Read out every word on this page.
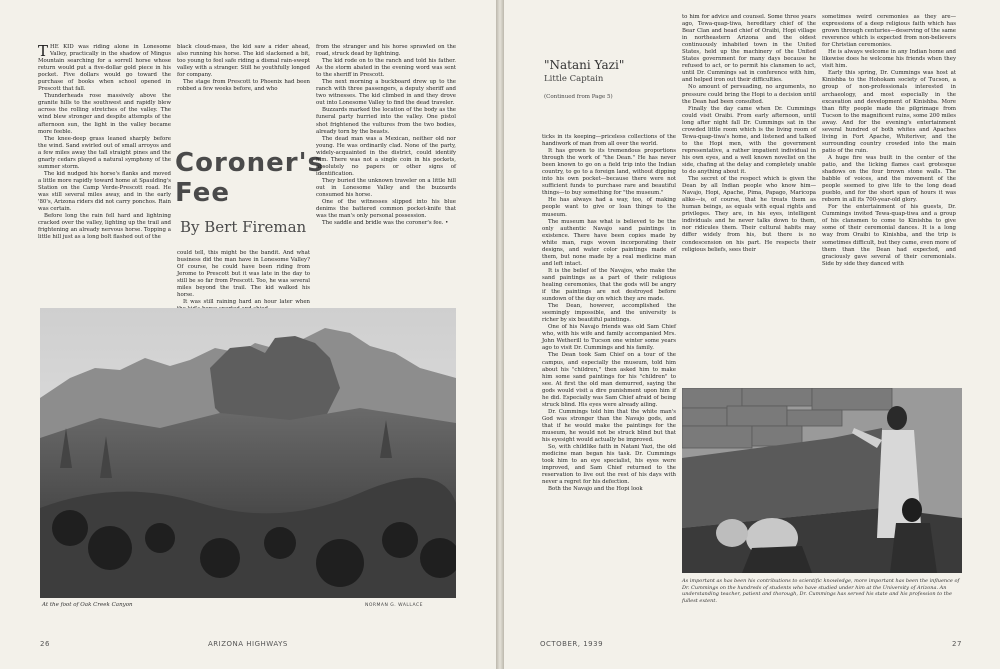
THE KID was riding alone in Lonesome Valley, practically in the shadow of Mingus Mountain searching for a sorrell horse whose return would put a five-dollar gold piece in his pocket. Five dollars would go toward the purchase of books when school opened in Prescott that fall.

Thunderheads rose massively above the granite hills to the southwest and rapidly blew across the rolling stretches of the valley. The wind blew stronger and despite attempts of the afternoon sun, the light in the valley became more feeble.

The knee-deep grass leaned sharply before the wind. Sand swirled out of small arroyos and a few miles away the tall straight pines and the gnarly cedars played a natural symphony of the summer storm.

The kid nudged his horse's flanks and moved a little more rapidly toward home at Spaulding's Station on the Camp Verde-Prescott road. He was still several miles away, and in the early '80's, Arizona riders did not carry ponchos. Rain was certain.

Before long the rain fell hard and lightning cracked over the valley, lighting up the trail and frightening an already nervous horse. Topping a little hill just as a long bolt flashed out of the

black cloud-mass, the kid saw a rider ahead, also running his horse. The kid slackened a bit, too young to feel safe riding a dismal rain-swept valley with a stranger. Still he youthfully longed for company.

The stage from Prescott to Phoenix had been robbed a few weeks before, and who

Coroner's Fee
By Bert Fireman

could tell, this might be the bandit. And what business did the man have in Lonesome Valley? Of course, he could have been riding from Jerome to Prescott but it was late in the day to still be so far from Prescott. Too, he was several miles beyond the trail. The kid walked his horse.

It was still raining hard an hour later when

from the stranger and his horse sprawled on the road, struck dead by lightning.

The kid rode on to the ranch and told his father. As the storm abated in the evening word was sent to the sheriff in Prescott.

The next morning a buckboard drew up to the ranch with three passengers, a deputy sheriff and two witnesses. The kid climbed in and they drove out into Lonesome Valley to find the dead traveler.

Buzzards marked the location of the body as the funeral party hurried into the valley. One pistol shot frightened the vultures from the two bodies, already torn by the beasts.

The dead man was a Mexican, neither old nor young. He was ordinarily clad. None of the party, widely-acquainted in the district, could identify him. There was not a single coin in his pockets, absolutely no papers or other signs of identification.

They buried the unknown traveler on a little hill out in Lonesome Valley and the buzzards consumed his horse.

One of the witnesses slipped into his blue denims the battered common pocket-knife that was the man's only personal possession.

The saddle and bridle was the coroner's fee. •

At the foot of Oak Creek Canyon	NORMAN G. WALLACE
26	ARIZONA HIGHWAYS
"Natani Yazi"
Little Captain
(Continued from Page 5)

ticks in its keeping—priceless collections of the handiwork of man from all over the world.

It has grown to its tremendous proportions through the work of "the Dean." He has never been known to go on a field trip into the Indian country, to go to a foreign land, without dipping into his own pocket—because there were not sufficient funds to purchase rare and beautiful things—to buy something for "the museum."

He has always had a way, too, of making people want to give or loan things to the museum.

The museum has what is believed to be the only authentic Navajo sand paintings in existence. There have been copies made by white man, rugs woven incorporating their designs, and water color paintings made of them, but none made by a real medicine man and left intact.

It is the belief of the Navajos, who make the sand paintings as a part of their religious healing ceremonies, that the gods will be angry if the paintings are not destroyed before sundown of the day on which they are made.

The Dean, however, accomplished the seemingly impossible, and the university is richer by six beautiful paintings.

One of his Navajo friends was old Sam Chief who, with his wife and family accompanied Mrs. John Wetherill to Tucson one winter some years ago to visit Dr. Cummings and his family.

The Dean took Sam Chief on a tour of the campus, and especially the museum, told him about his "children," then asked him to make him some sand paintings for his "children" to see. At first the old man demurred, saying the gods would visit a dire punishment upon him if he did. Especially was Sam Chief afraid of being struck blind. His eyes were already ailing.

Dr. Cummings told him that the white man's God was stronger than the Navajo gods, and that if he would make the paintings for the museum, he would not be struck blind but that his eyesight would actually be improved.

So, with childlike faith in Natani Yazi, the old medicine man began his task. Dr. Cummings took him to an eye specialist, his eyes were improved, and Sam Chief returned to the reservation to live out the rest of his days with never a regret for his defection.

Both the Navajo and the Hopi look

to him for advice and counsel. Some three years ago, Tewa-quap-tiwa, hereditary chief of the Bear Clan and head chief of Oraibi, Hopi village in northeastern Arizona and the oldest continuously inhabited town in the United States, held up the machinery of the United States government for many days because he refused to act, or to permit his clansmen to act, until Dr. Cummings sat in conference with him, and helped iron out their difficulties.

No amount of persuading, no arguments, no pressure could bring the Hopi to a decision until the Dean had been consulted.

Finally the day came when Dr. Cummings could visit Oraibi. From early afternoon, until long after night fall Dr. Cummings sat in the crowded little room which is the living room of Tewa-quap-tiwa's home, and listened and talked to the Hopi men, with the government representative, a rather impatient individual in his own eyes, and a well known novelist on the side, chafing at the delay and completely unable to do anything about it.

The secret of the respect which is given the Dean by all Indian people who know him—Navajo, Hopi, Apache, Pima, Papago, Maricopa alike—is, of course, that he treats them as human beings, as equals with equal rights and privileges. They are, in his eyes, intelligent individuals and he never talks down to them, nor ridicules them. Their cultural habits may differ widely from his, but there is no condescension on his part. He respects their religious beliefs, sees their

sometimes weird ceremonies as they are—expressions of a deep religious faith which has grown through centuries—deserving of the same reverence which is expected from non-believers for Christian ceremonies.

He is always welcome in any Indian home and likewise does he welcome his friends when they visit him.

Early this spring, Dr. Cummings was host at Kinishba to the Hohokam society of Tucson, a group of non-professionals interested in archaeology, and most especially in the excavation and development of Kinishba. More than fifty people made the pilgrimage from Tucson to the magnificent ruins, some 200 miles away. And for the evening's entertainment several hundred of both whites and Apaches living in Fort Apache, Whiteriver, and the surrounding country crowded into the main patio of the ruin.

A huge fire was built in the center of the patio, and the licking flames cast grotesque shadows on the four brown stone walls. The babble of voices, and the movement of the people seemed to give life to the long dead pueblo, and for the short span of hours it was reborn in all its 700-year-old glory.

For the entertainment of his guests, Dr. Cummings invited Tewa-quap-tiwa and a group of his clansmen to come to Kinishba to give some of their ceremonial dances. It is a long way from Oraibi to Kinishba, and the trip is sometimes difficult, but they came, even more of them than the Dean had expected, and graciously gave several of their ceremonials. Side by side they danced with

As important as has been his contributions to scientific knowledge, more important has been the influence of Dr. Cummings on the hundreds of students who have studied under him at the University of Arizona. An understanding teacher, patient and thorough, Dr. Cummings has served his state and his profession to the fullest extent.
OCTOBER, 1939	27
